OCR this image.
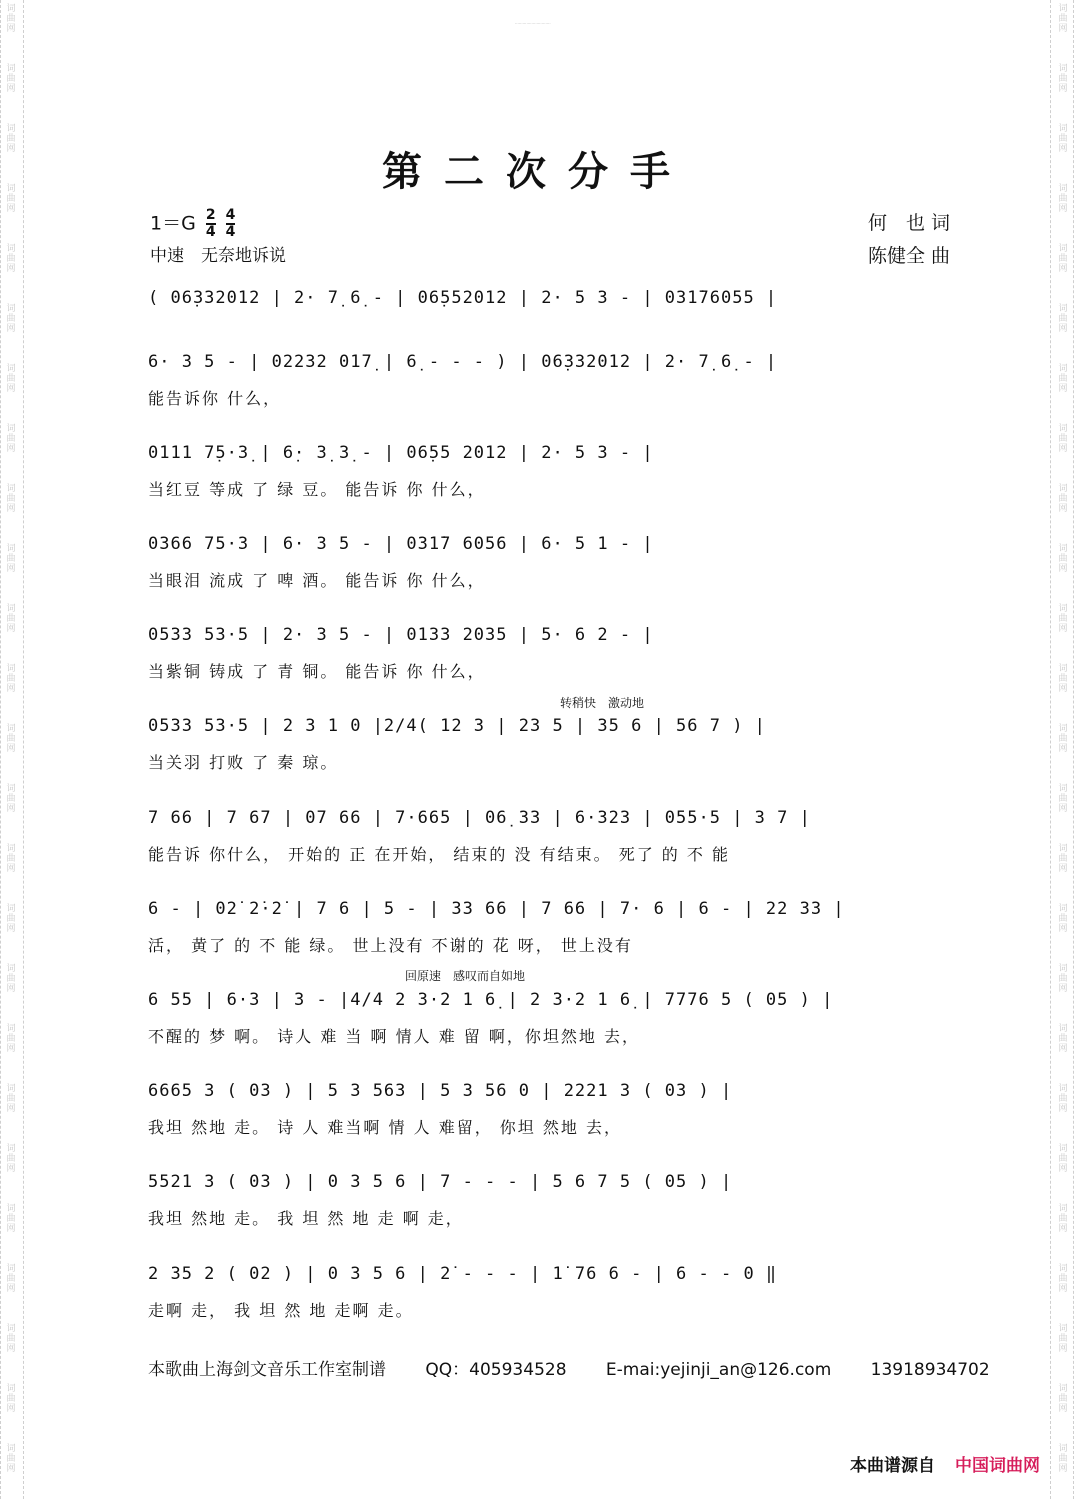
词
曲
网
词
曲
网
词
曲
网
词
曲
网
词
曲
网
词
曲
网
词
曲
网
词
曲
网
词
曲
网
词
曲
网
词
曲
网
词
曲
网
词
曲
网
词
曲
网
词
曲
网
词
曲
网
词
曲
网
词
曲
网
词
曲
网
词
曲
网
词
曲
网
词
曲
网
词
曲
网
词
曲
网
词
曲
网
词
曲
网
词
曲
网
词
曲
网
词
曲
网
词
曲
网
词
曲
网
词
曲
网
词
曲
网
词
曲
网
词
曲
网
词
曲
网
词
曲
网
词
曲
网
词
曲
网
词
曲
网
词
曲
网
词
曲
网
词
曲
网
词
曲
网
词
曲
网
词
曲
网
词
曲
网
词
曲
网
词
曲
网
词
曲
网
............................
第二次分手
$1=G \frac{2}{4}$
$\frac{4}{4}$
中速　无奈地诉说
何　也 词
陈健全 曲
( 06̣332012 | 2· 7̣ 6̣ - | 06̣552012 | 2· 5 3 - | 031̇76055 |
6· 3 5 - | 02232 017̣ | 6̣ - - - ) | 06̣332012 | 2· 7̣ 6̣ - |
能告诉你 什么，
0111 7̣5·3̣ | 6̣· 3̣ 3̣ - | 06̣55 2012 | 2· 5 3 - |
当红豆 等成 了 绿 豆。 能告诉 你 什么，
0366 75·3 | 6· 3 5 - | 031̇7 6056 | 6· 5 1 - |
当眼泪 流成 了 啤 酒。 能告诉 你 什么，
0533 53·5 | 2· 3 5 - | 0133 2035 | 5· 6 2 - |
当紫铜 铸成 了 青 铜。 能告诉 你 什么，
转稍快　激动地
0533 53·5 | 2 3 1 0 |2/4( 12 3 | 23 5 | 35 6 | 56 7 ) |
当关羽 打败 了 秦 琼。
7 66 | 7 67 | 07 66 | 7·665 | 06̣ 33 | 6·323 | 055·5 | 3 7 |
能告诉 你什么， 开始的 正 在开始， 结束的 没 有结束。 死了 的 不 能
6 - | 02̇ 2̇·2̇ | 7 6 | 5 - | 33 66 | 7 66 | 7· 6 | 6 - | 22 33 |
活， 黄了 的 不 能 绿。 世上没有 不谢的 花 呀， 世上没有
回原速　感叹而自如地
6 55 | 6·3 | 3 - |4/4 2 3·2 1 6̣ | 2 3·2 1 6̣ | 7776 5 ( 05 ) |
不醒的 梦 啊。 诗人 难 当 啊 情人 难 留 啊，你坦然地 去，
6665 3 ( 03 ) | 5 3 563 | 5 3 56 0 | 2221 3 ( 03 ) |
我坦 然地 走。 诗 人 难当啊 情 人 难留， 你坦 然地 去，
5521 3 ( 03 ) | 0 3 5 6 | 7 - - - | 5 6 7 5 ( 05 ) |
我坦 然地 走。 我 坦 然 地 走 啊 走，
2 35 2 ( 02 ) | 0 3 5 6 | 2̇ - - - | 1̇ 76 6 - | 6 - - 0 ‖
走啊 走， 我 坦 然 地 走啊 走。
本歌曲上海剑文音乐工作室制谱 QQ：405934528 E-mai:yejinji_an@126.com 13918934702
本曲谱源自 中国词曲网
